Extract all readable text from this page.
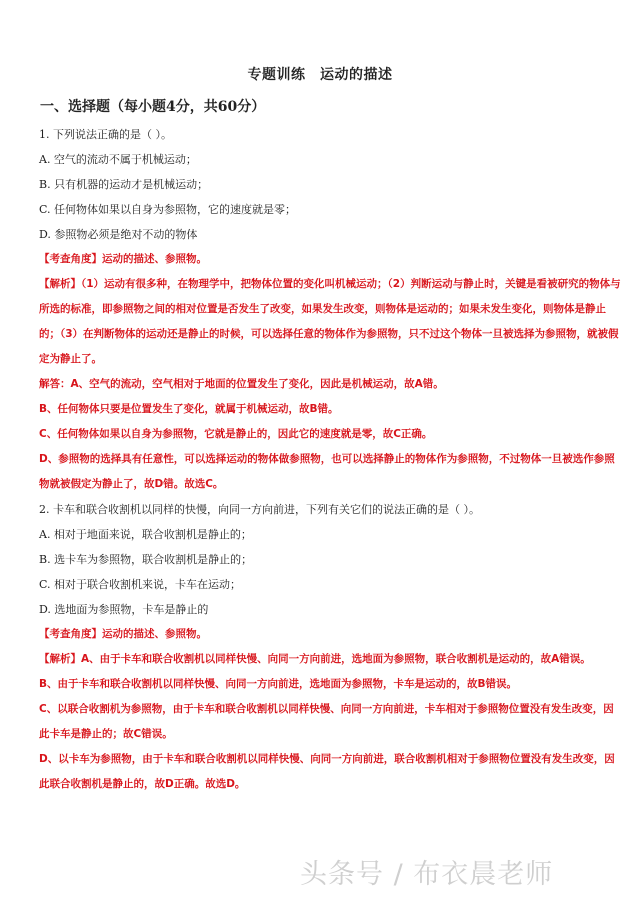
专题训练　运动的描述
一、选择题（每小题4分，共60分）
1. 下列说法正确的是（ ）。
A. 空气的流动不属于机械运动；
B. 只有机器的运动才是机械运动；
C. 任何物体如果以自身为参照物，它的速度就是零；
D. 参照物必须是绝对不动的物体
【考查角度】运动的描述、参照物。
【解析】（1）运动有很多种，在物理学中，把物体位置的变化叫机械运动；（2）判断运动与静止时，关键是看被研究的物体与所选的标准，即参照物之间的相对位置是否发生了改变，如果发生改变，则物体是运动的；如果未发生变化，则物体是静止的；（3）在判断物体的运动还是静止的时候，可以选择任意的物体作为参照物，只不过这个物体一旦被选择为参照物，就被假定为静止了。
解答：A、空气的流动，空气相对于地面的位置发生了变化，因此是机械运动，故A错。
B、任何物体只要是位置发生了变化，就属于机械运动，故B错。
C、任何物体如果以自身为参照物，它就是静止的，因此它的速度就是零，故C正确。
D、参照物的选择具有任意性，可以选择运动的物体做参照物，也可以选择静止的物体作为参照物，不过物体一旦被选作参照物就被假定为静止了，故D错。故选C。
2. 卡车和联合收割机以同样的快慢，向同一方向前进，下列有关它们的说法正确的是（ ）。
A. 相对于地面来说，联合收割机是静止的；
B. 选卡车为参照物，联合收割机是静止的；
C. 相对于联合收割机来说，卡车在运动；
D. 选地面为参照物，卡车是静止的
【考查角度】运动的描述、参照物。
【解析】A、由于卡车和联合收割机以同样快慢、向同一方向前进，选地面为参照物，联合收割机是运动的，故A错误。
B、由于卡车和联合收割机以同样快慢、向同一方向前进，选地面为参照物，卡车是运动的，故B错误。
C、以联合收割机为参照物，由于卡车和联合收割机以同样快慢、向同一方向前进，卡车相对于参照物位置没有发生改变，因此卡车是静止的；故C错误。
D、以卡车为参照物，由于卡车和联合收割机以同样快慢、向同一方向前进，联合收割机相对于参照物位置没有发生改变，因此联合收割机是静止的，故D正确。故选D。
头条号 / 布衣晨老师
